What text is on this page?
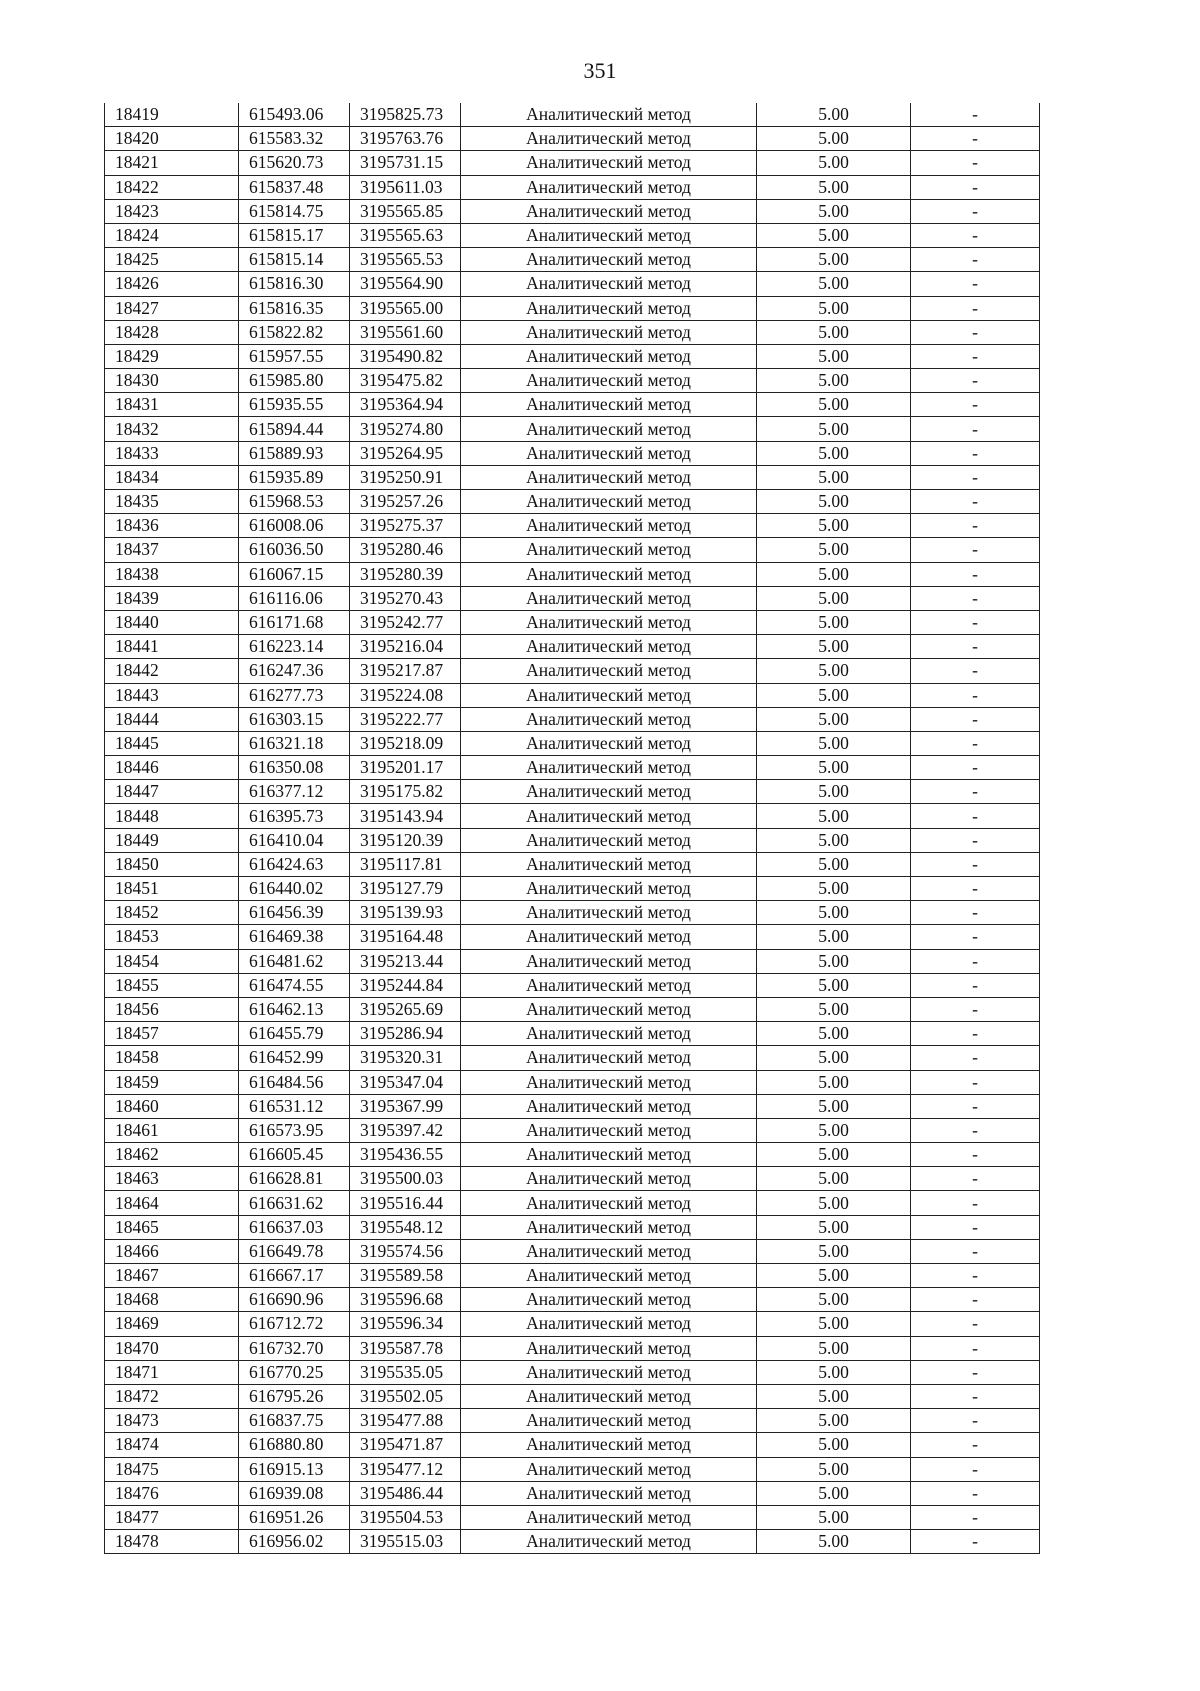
351
18419	615493.06	3195825.73	Аналитический метод	5.00	-
18420	615583.32	3195763.76	Аналитический метод	5.00	-
18421	615620.73	3195731.15	Аналитический метод	5.00	-
18422	615837.48	3195611.03	Аналитический метод	5.00	-
18423	615814.75	3195565.85	Аналитический метод	5.00	-
18424	615815.17	3195565.63	Аналитический метод	5.00	-
18425	615815.14	3195565.53	Аналитический метод	5.00	-
18426	615816.30	3195564.90	Аналитический метод	5.00	-
18427	615816.35	3195565.00	Аналитический метод	5.00	-
18428	615822.82	3195561.60	Аналитический метод	5.00	-
18429	615957.55	3195490.82	Аналитический метод	5.00	-
18430	615985.80	3195475.82	Аналитический метод	5.00	-
18431	615935.55	3195364.94	Аналитический метод	5.00	-
18432	615894.44	3195274.80	Аналитический метод	5.00	-
18433	615889.93	3195264.95	Аналитический метод	5.00	-
18434	615935.89	3195250.91	Аналитический метод	5.00	-
18435	615968.53	3195257.26	Аналитический метод	5.00	-
18436	616008.06	3195275.37	Аналитический метод	5.00	-
18437	616036.50	3195280.46	Аналитический метод	5.00	-
18438	616067.15	3195280.39	Аналитический метод	5.00	-
18439	616116.06	3195270.43	Аналитический метод	5.00	-
18440	616171.68	3195242.77	Аналитический метод	5.00	-
18441	616223.14	3195216.04	Аналитический метод	5.00	-
18442	616247.36	3195217.87	Аналитический метод	5.00	-
18443	616277.73	3195224.08	Аналитический метод	5.00	-
18444	616303.15	3195222.77	Аналитический метод	5.00	-
18445	616321.18	3195218.09	Аналитический метод	5.00	-
18446	616350.08	3195201.17	Аналитический метод	5.00	-
18447	616377.12	3195175.82	Аналитический метод	5.00	-
18448	616395.73	3195143.94	Аналитический метод	5.00	-
18449	616410.04	3195120.39	Аналитический метод	5.00	-
18450	616424.63	3195117.81	Аналитический метод	5.00	-
18451	616440.02	3195127.79	Аналитический метод	5.00	-
18452	616456.39	3195139.93	Аналитический метод	5.00	-
18453	616469.38	3195164.48	Аналитический метод	5.00	-
18454	616481.62	3195213.44	Аналитический метод	5.00	-
18455	616474.55	3195244.84	Аналитический метод	5.00	-
18456	616462.13	3195265.69	Аналитический метод	5.00	-
18457	616455.79	3195286.94	Аналитический метод	5.00	-
18458	616452.99	3195320.31	Аналитический метод	5.00	-
18459	616484.56	3195347.04	Аналитический метод	5.00	-
18460	616531.12	3195367.99	Аналитический метод	5.00	-
18461	616573.95	3195397.42	Аналитический метод	5.00	-
18462	616605.45	3195436.55	Аналитический метод	5.00	-
18463	616628.81	3195500.03	Аналитический метод	5.00	-
18464	616631.62	3195516.44	Аналитический метод	5.00	-
18465	616637.03	3195548.12	Аналитический метод	5.00	-
18466	616649.78	3195574.56	Аналитический метод	5.00	-
18467	616667.17	3195589.58	Аналитический метод	5.00	-
18468	616690.96	3195596.68	Аналитический метод	5.00	-
18469	616712.72	3195596.34	Аналитический метод	5.00	-
18470	616732.70	3195587.78	Аналитический метод	5.00	-
18471	616770.25	3195535.05	Аналитический метод	5.00	-
18472	616795.26	3195502.05	Аналитический метод	5.00	-
18473	616837.75	3195477.88	Аналитический метод	5.00	-
18474	616880.80	3195471.87	Аналитический метод	5.00	-
18475	616915.13	3195477.12	Аналитический метод	5.00	-
18476	616939.08	3195486.44	Аналитический метод	5.00	-
18477	616951.26	3195504.53	Аналитический метод	5.00	-
18478	616956.02	3195515.03	Аналитический метод	5.00	-
